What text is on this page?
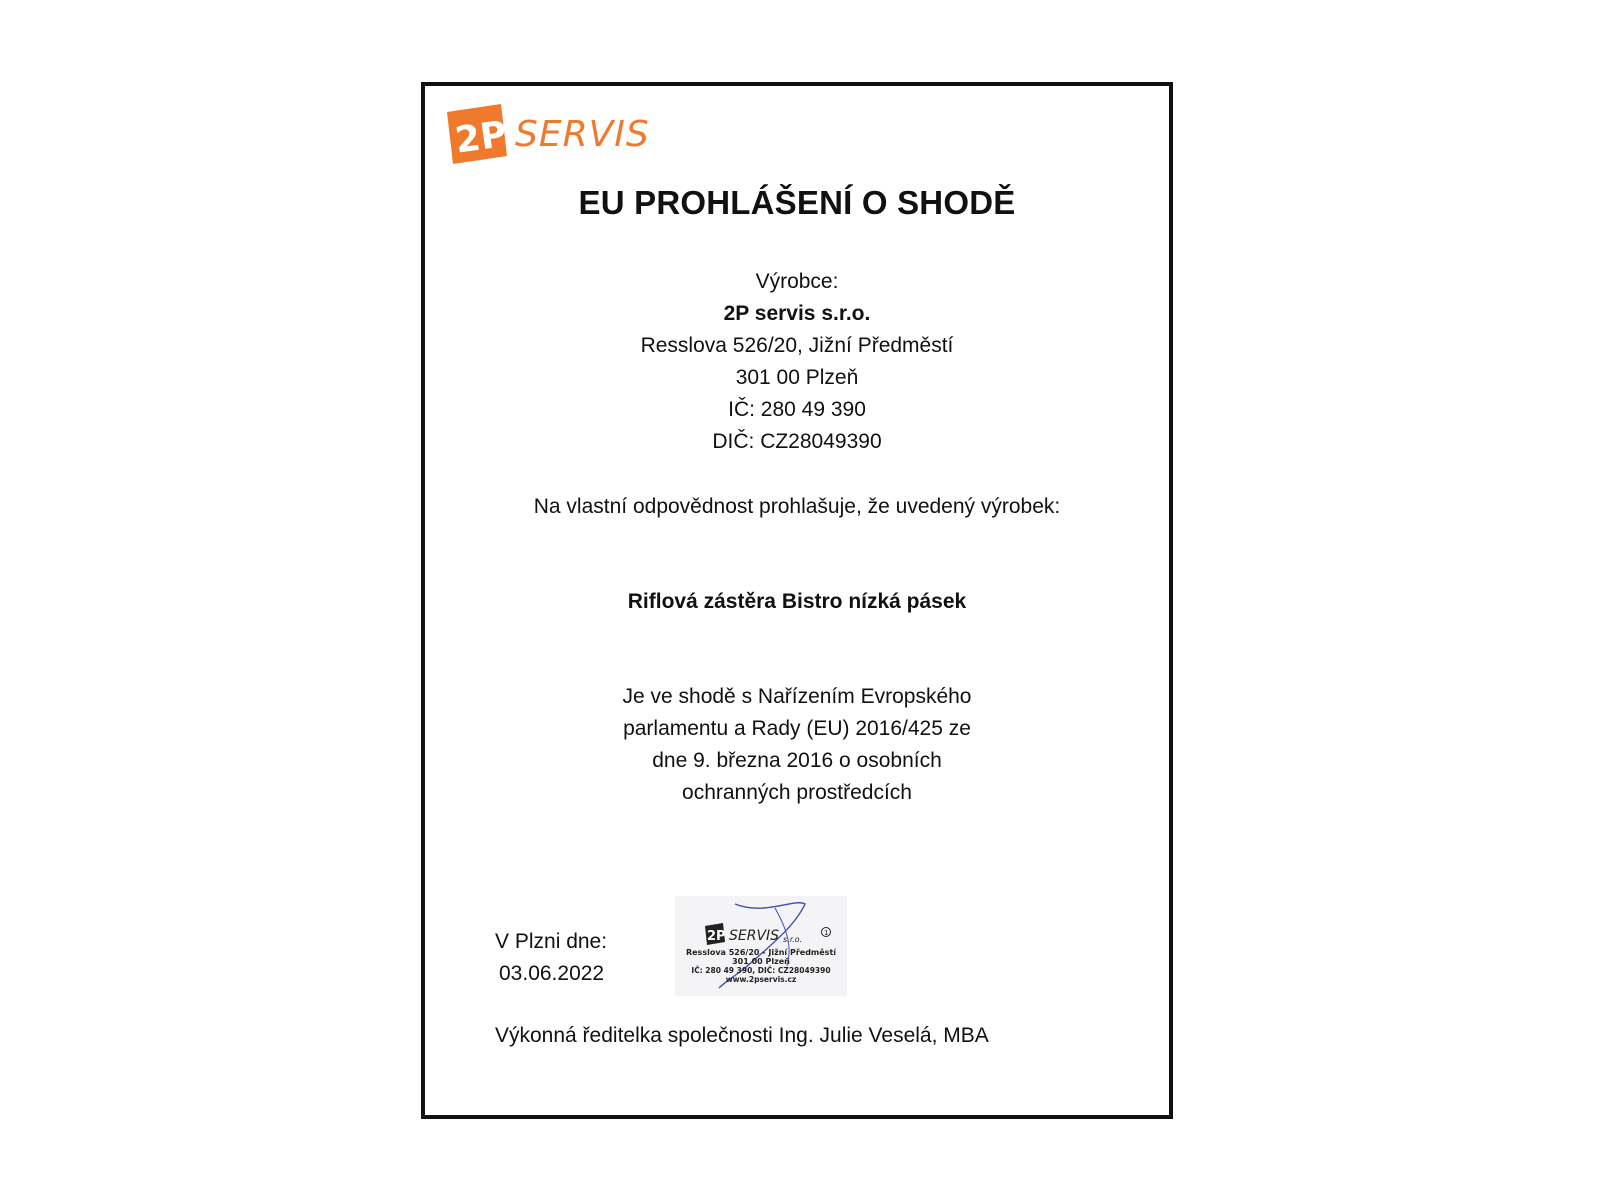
2P SERVIS
EU PROHLÁŠENÍ O SHODĚ
Výrobce:
2P servis s.r.o.
Resslova 526/20, Jižní Předměstí
301 00 Plzeň
IČ: 280 49 390
DIČ: CZ28049390
Na vlastní odpovědnost prohlašuje, že uvedený výrobek:
Riflová zástěra Bistro nízká pásek
Je ve shodě s Nařízením Evropského
parlamentu a Rady (EU) 2016/425 ze
dne 9. března 2016 o osobních
ochranných prostředcích
V Plzni dne:
03.06.2022
2P SERVIS s.r.o.
1
Resslova 526/20 - Jižní Předměstí
301 00 Plzeň
IČ: 280 49 390, DIČ: CZ28049390
www.2pservis.cz
Výkonná ředitelka společnosti Ing. Julie Veselá, MBA
